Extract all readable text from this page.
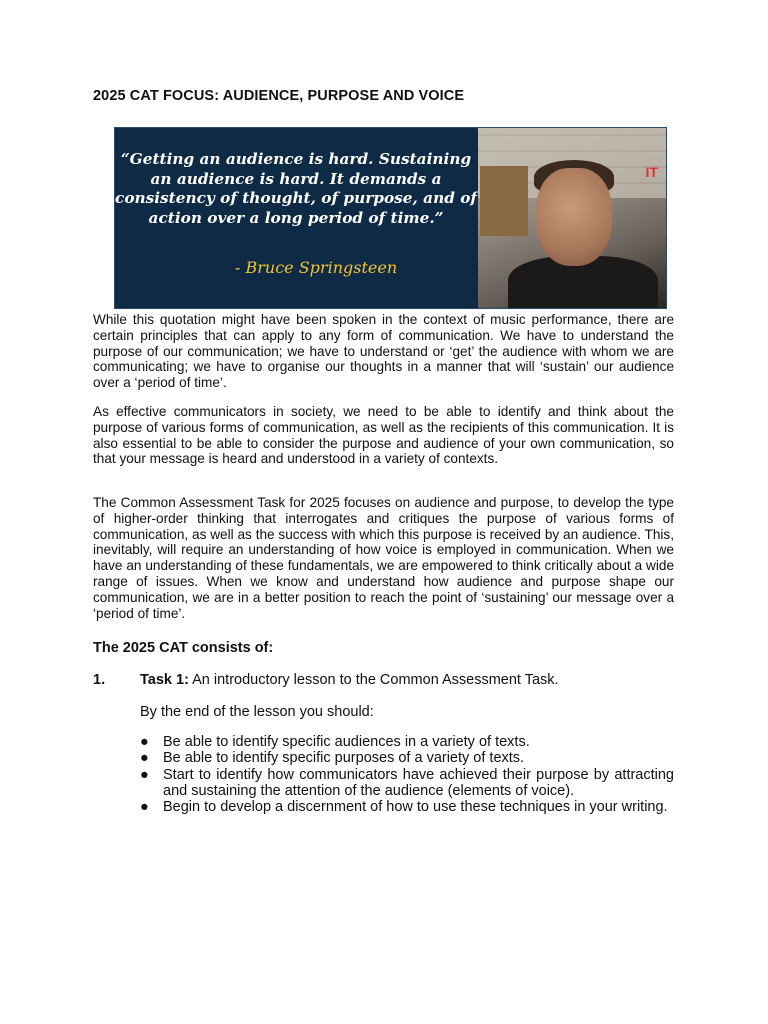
2025 CAT FOCUS: AUDIENCE, PURPOSE AND VOICE
“Getting an audience is hard. Sustaining an audience is hard. It demands a consistency of thought, of purpose, and of action over a long period of time.”
- Bruce Springsteen
IT

While this quotation might have been spoken in the context of music performance, there are certain principles that can apply to any form of communication. We have to understand the purpose of our communication; we have to understand or ‘get’ the audience with whom we are communicating; we have to organise our thoughts in a manner that will ‘sustain’ our audience over a ‘period of time’.

As effective communicators in society, we need to be able to identify and think about the purpose of various forms of communication, as well as the recipients of this communication. It is also essential to be able to consider the purpose and audience of your own communication, so that your message is heard and understood in a variety of contexts.

The Common Assessment Task for 2025 focuses on audience and purpose, to develop the type of higher-order thinking that interrogates and critiques the purpose of various forms of communication, as well as the success with which this purpose is received by an audience. This, inevitably, will require an understanding of how voice is employed in communication. When we have an understanding of these fundamentals, we are empowered to think critically about a wide range of issues. When we know and understand how audience and purpose shape our communication, we are in a better position to reach the point of ‘sustaining’ our message over a ‘period of time’.

The 2025 CAT consists of:

1. Task 1: An introductory lesson to the Common Assessment Task.
By the end of the lesson you should:
● Be able to identify specific audiences in a variety of texts.
● Be able to identify specific purposes of a variety of texts.
● Start to identify how communicators have achieved their purpose by attracting and sustaining the attention of the audience (elements of voice).
● Begin to develop a discernment of how to use these techniques in your writing.
